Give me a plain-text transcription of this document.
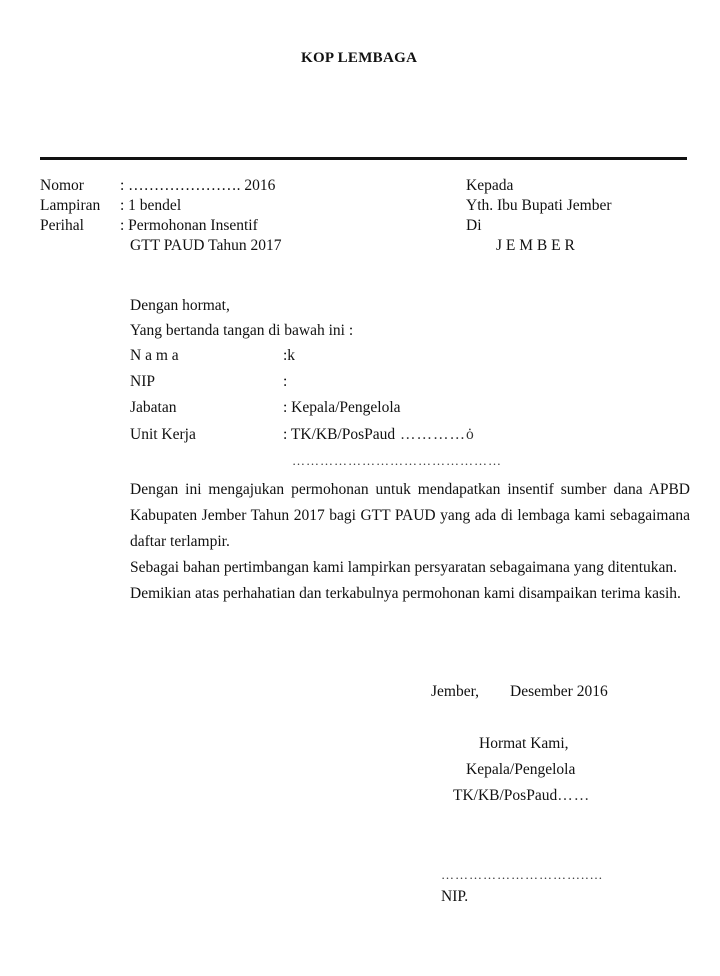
KOP LEMBAGA
Nomor : …………………. 2016
Lampiran : 1 bendel
Perihal : Permohonan Insentif
GTT PAUD Tahun 2017
Kepada
Yth. Ibu Bupati Jember
Di
J E M B E R
Dengan hormat,
Yang bertanda tangan di bawah ini :
N a m a	:k
NIP	:
Jabatan	: Kepala/Pengelola
Unit Kerja	: TK/KB/PosPaud …………ȯ
………………………………………

Dengan ini mengajukan permohonan untuk mendapatkan insentif sumber dana APBD Kabupaten Jember Tahun 2017 bagi GTT PAUD yang ada di lembaga kami sebagaimana daftar terlampir.

Sebagai bahan pertimbangan kami lampirkan persyaratan sebagaimana yang ditentukan.

Demikian atas perhahatian dan terkabulnya permohonan kami disampaikan terima kasih.

Jember,        Desember 2016
Hormat Kami,
Kepala/Pengelola
TK/KB/PosPaud……
…………………………..…
NIP.
